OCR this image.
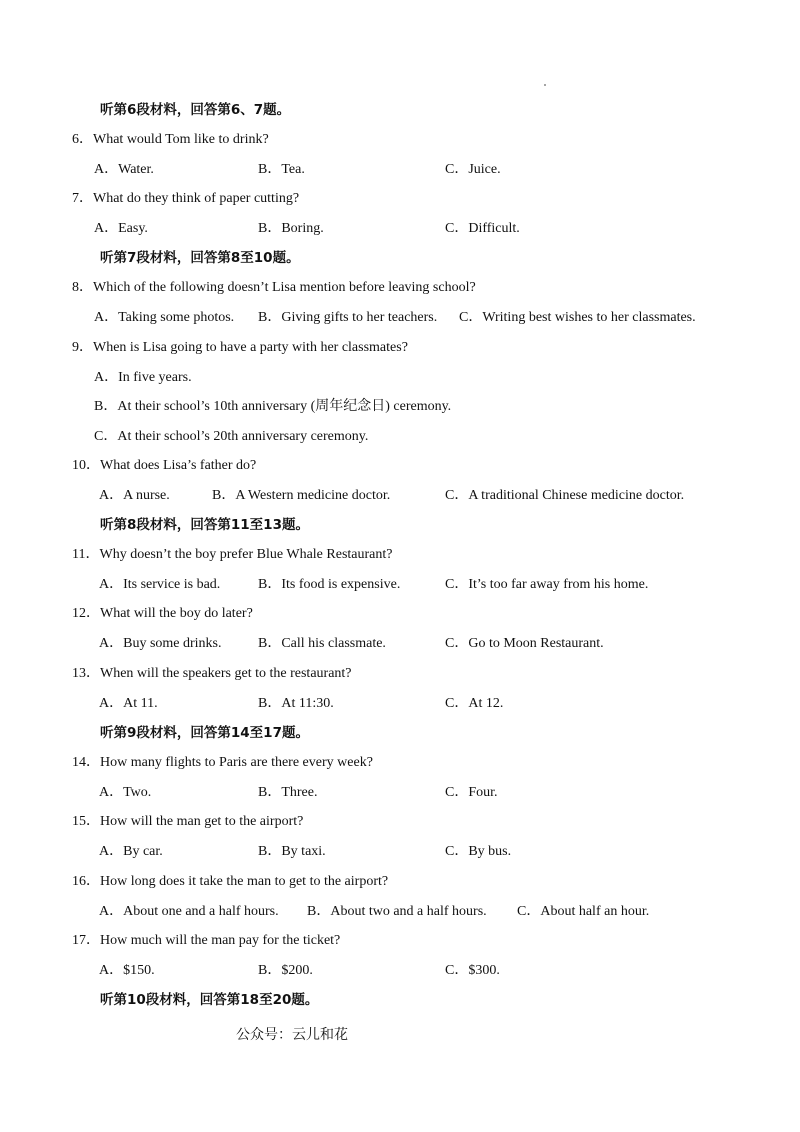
听第6段材料，回答第6、7题。
6．What would Tom like to drink?
A．Water.	B．Tea.	C．Juice.
7．What do they think of paper cutting?
A．Easy.	B．Boring.	C．Difficult.
听第7段材料，回答第8至10题。
8．Which of the following doesn’t Lisa mention before leaving school?
A．Taking some photos. B．Giving gifts to her teachers. C．Writing best wishes to her classmates.
9．When is Lisa going to have a party with her classmates?
A．In five years.
B．At their school’s 10th anniversary (周年纪念日) ceremony.
C．At their school’s 20th anniversary ceremony.
10．What does Lisa’s father do?
A．A nurse.	B．A Western medicine doctor.	C．A traditional Chinese medicine doctor.
听第8段材料，回答第11至13题。
11．Why doesn’t the boy prefer Blue Whale Restaurant?
A．Its service is bad.	B．Its food is expensive.	C．It’s too far away from his home.
12．What will the boy do later?
A．Buy some drinks.	B．Call his classmate.	C．Go to Moon Restaurant.
13．When will the speakers get to the restaurant?
A．At 11.	B．At 11:30.	C．At 12.
听第9段材料，回答第14至17题。
14．How many flights to Paris are there every week?
A．Two.	B．Three.	C．Four.
15．How will the man get to the airport?
A．By car.	B．By taxi.	C．By bus.
16．How long does it take the man to get to the airport?
A．About one and a half hours. B．About two and a half hours. C．About half an hour.
17．How much will the man pay for the ticket?
A．$150.	B．$200.	C．$300.
听第10段材料，回答第18至20题。
公众号：云儿和花
